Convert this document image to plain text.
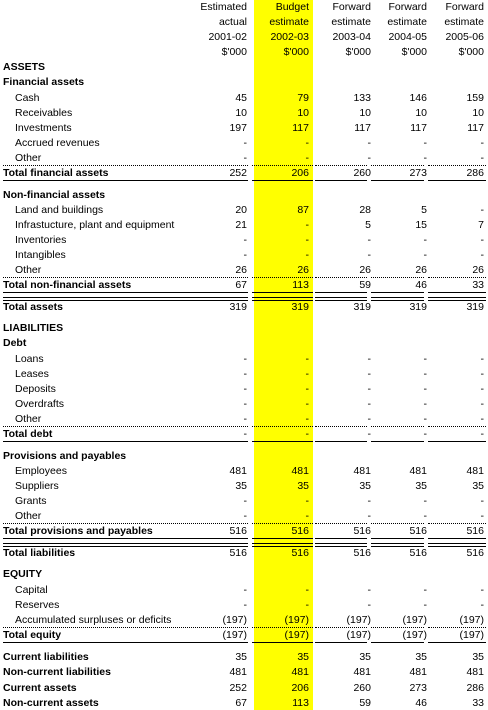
Estimated
actual
2001-02
$'000
Budget
estimate
2002-03
$'000
Forward
estimate
2003-04
$'000
Forward
estimate
2004-05
$'000
Forward
estimate
2005-06
$'000
ASSETS
Financial assets
Cash	45	79	133	146	159
Receivables	10	10	10	10	10
Investments	197	117	117	117	117
Accrued revenues	-	-	-	-	-
Other	-	-	-	-	-
Total financial assets	252	206	260	273	286
Non-financial assets
Land and buildings	20	87	28	5	-
Infrastucture, plant and equipment	21	-	5	15	7
Inventories	-	-	-	-	-
Intangibles	-	-	-	-	-
Other	26	26	26	26	26
Total non-financial assets	67	113	59	46	33
Total assets	319	319	319	319	319
LIABILITIES
Debt
Loans	-	-	-	-	-
Leases	-	-	-	-	-
Deposits	-	-	-	-	-
Overdrafts	-	-	-	-	-
Other	-	-	-	-	-
Total debt	-	-	-	-	-
Provisions and payables
Employees	481	481	481	481	481
Suppliers	35	35	35	35	35
Grants	-	-	-	-	-
Other	-	-	-	-	-
Total provisions and payables	516	516	516	516	516
Total liabilities	516	516	516	516	516
EQUITY
Capital	-	-	-	-	-
Reserves	-	-	-	-	-
Accumulated surpluses or deficits	(197)	(197)	(197)	(197)	(197)
Total equity	(197)	(197)	(197)	(197)	(197)
Current liabilities	35	35	35	35	35
Non-current liabilities	481	481	481	481	481
Current assets	252	206	260	273	286
Non-current assets	67	113	59	46	33
